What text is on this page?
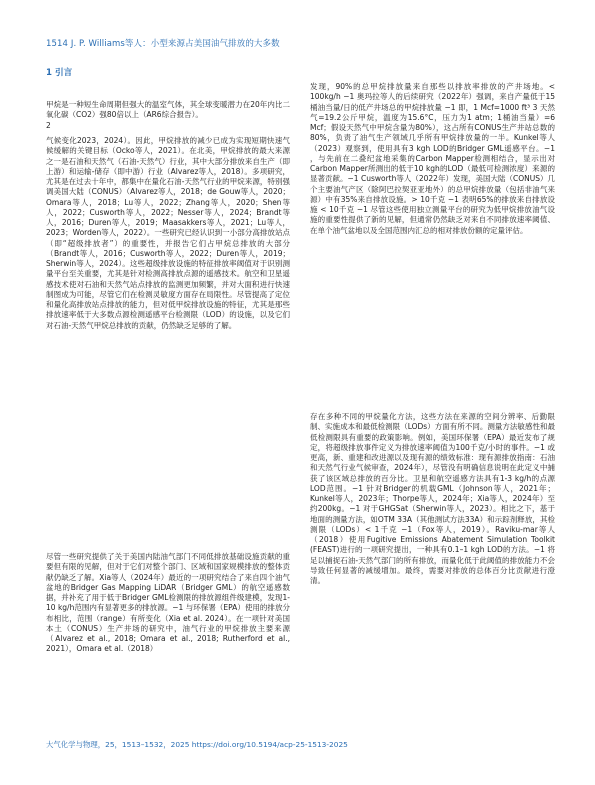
1514 J. P. Williams等人：小型来源占美国油气排放的大多数
1 引言

甲烷是一种短生命周期但强大的温室气体，其全球变暖潜力在20年内比二氧化碳（CO2）强80倍以上（AR6综合报告）。
2

气候变化2023，2024）。因此，甲烷排放的减少已成为实现短期快速气候缓解的关键目标（Ocko等人，2021）。在北美，甲烷排放的最大来源之一是石油和天然气（石油-天然气）行业，其中大部分排放来自生产（即上游）和运输-储存（即中游）行业（Alvarez等人，2018）。多项研究，尤其是在过去十年中，都集中在量化石油-天然气行业的甲烷来源，特别强调美国大陆（CONUS）（Alvarez等人，2018；de Gouw等人，2020；Omara等人，2018；Lu等人，2022；Zhang等人，2020；Shen等人，2022；Cusworth等人，2022；Nesser等人，2024；Brandt等人，2016；Duren等人，2019；Maasakkers等人，2021；Lu等人，2023；Worden等人，2022）。一些研究已经认识到一小部分高排放站点（即“超级排放者”）的重要性，并报告它们占甲烷总排放的大部分（Brandt等人，2016；Cusworth等人，2022；Duren等人，2019；Sherwin等人，2024）。这些超级排放设施的特征排放率阈值对于识别测量平台至关重要，尤其是针对检测高排放点源的遥感技术。航空和卫星遥感技术使对石油和天然气站点排放的监测更加频繁，并对大面积进行快速制图成为可能，尽管它们在检测灵敏度方面存在局限性。尽管提高了定位和量化高排放站点排放的能力，但对低甲烷排放设施的特征，尤其是那些排放速率低于大多数点源检测遥感平台检测限（LOD）的设施，以及它们对石油-天然气甲烷总排放的贡献，仍然缺乏足够的了解。

尽管一些研究提供了关于美国内陆油气部门不同低排放基础设施贡献的重要但有限的见解，但对于它们对整个部门、区域和国家规模排放的整体贡献仍缺乏了解。Xia等人（2024年）最近的一项研究结合了来自四个油气盆地的Bridger Gas Mapping LiDAR（Bridger GML）的航空遥感数据，并补充了用于低于Bridger GML检测限的排放源组件级建模，发现1-10 kg/h范围内有显著更多的排放源。−1 与环保署（EPA）使用的排放分布相比，范围（range）有所变化（Xia et al. 2024）。在一项针对美国本土（CONUS）生产井场的研究中，油气行业的甲烷排放主要来源（Alvarez et al., 2018; Omara et al., 2018; Rutherford et al., 2021），Omara et al.（2018）

发现，90%的总甲烷排放量来自那些以排放率排放的产井场地。< 100kg/h −1 奥玛拉等人的后续研究（2022年）强调，来自产量低于15桶油当量/日的低产井场总的甲烷排放量 −1 即，1 Mcf=1000 ft³ 3 天然气=19.2公斤甲烷，温度为15.6°C，压力为1 atm；1桶油当量）=6 Mcf；假设天然气中甲烷含量为80%），这占所有CONUS生产井站总数的80%，负责了油气生产领域几乎所有甲烷排放量的一半。Kunkel等人（2023）观察到，使用具有3 kgh LOD的Bridger GML遥感平台。−1 ，与先前在二叠纪盆地采集的Carbon Mapper检测相结合，显示出对Carbon Mapper所测出的低于10 kgh的LOD（最低可检测浓度）来源的显著贡献。−1 Cusworth等人（2022年）发现，美国大陆（CONUS）几个主要油气产区（除阿巴拉契亚亚地外）的总甲烷排放量（包括非油气来源）中有35%来自排放设施。> 10千克 −1 表明65%的排放来自排放设施 < 10千克 −1 尽管这些使用独立测量平台的研究为低甲烷排放油气设施的重要性提供了新的见解，但通常仍然缺乏对来自不同排放速率阈值、在单个油气盆地以及全国范围内汇总的相对排放份额的定量评估。

存在多种不同的甲烷量化方法，这些方法在来源的空间分辨率、后勤限制、实施成本和最低检测限（LODs）方面有所不同。测量方法敏感性和最低检测限具有重要的政策影响。例如，美国环保署（EPA）最近发布了规定，将超级排放事件定义为排放速率阈值为100千克/小时的事件。−1 或更高，新、重建和改进源以及现有源的绩效标准：现有源排放指南：石油和天然气行业气候审查，2024年），尽管没有明确信息说明在此定义中捕获了该区域总排放的百分比。卫星和航空遥感方法具有1-3 kg/h的点源LOD范围。−1 针对Bridger的机载GML（Johnson等人，2021年；Kunkel等人，2023年；Thorpe等人，2024年；Xia等人，2024年）至约200kg。−1 对于GHGSat（Sherwin等人，2023）。相比之下，基于地面的测量方法，如OTM 33A（其他测试方法33A）和示踪剂释放，其检测限（LODs）< 1千克 −1（Fox等人，2019）。Raviku-mar等人（2018）使用Fugitive Emissions Abatement Simulation Toolkit (FEAST)进行的一项研究提出，一种具有0.1–1 kgh LOD的方法。−1 将足以捕捉石油-天然气部门的所有排放，而量化低于此阈值的排放能力不会导致任何显著的减缓增加。最终，需要对排放的总体百分比贡献进行澄清。

大气化学与物理，25，1513–1532，2025 https://doi.org/10.5194/acp-25-1513-2025
